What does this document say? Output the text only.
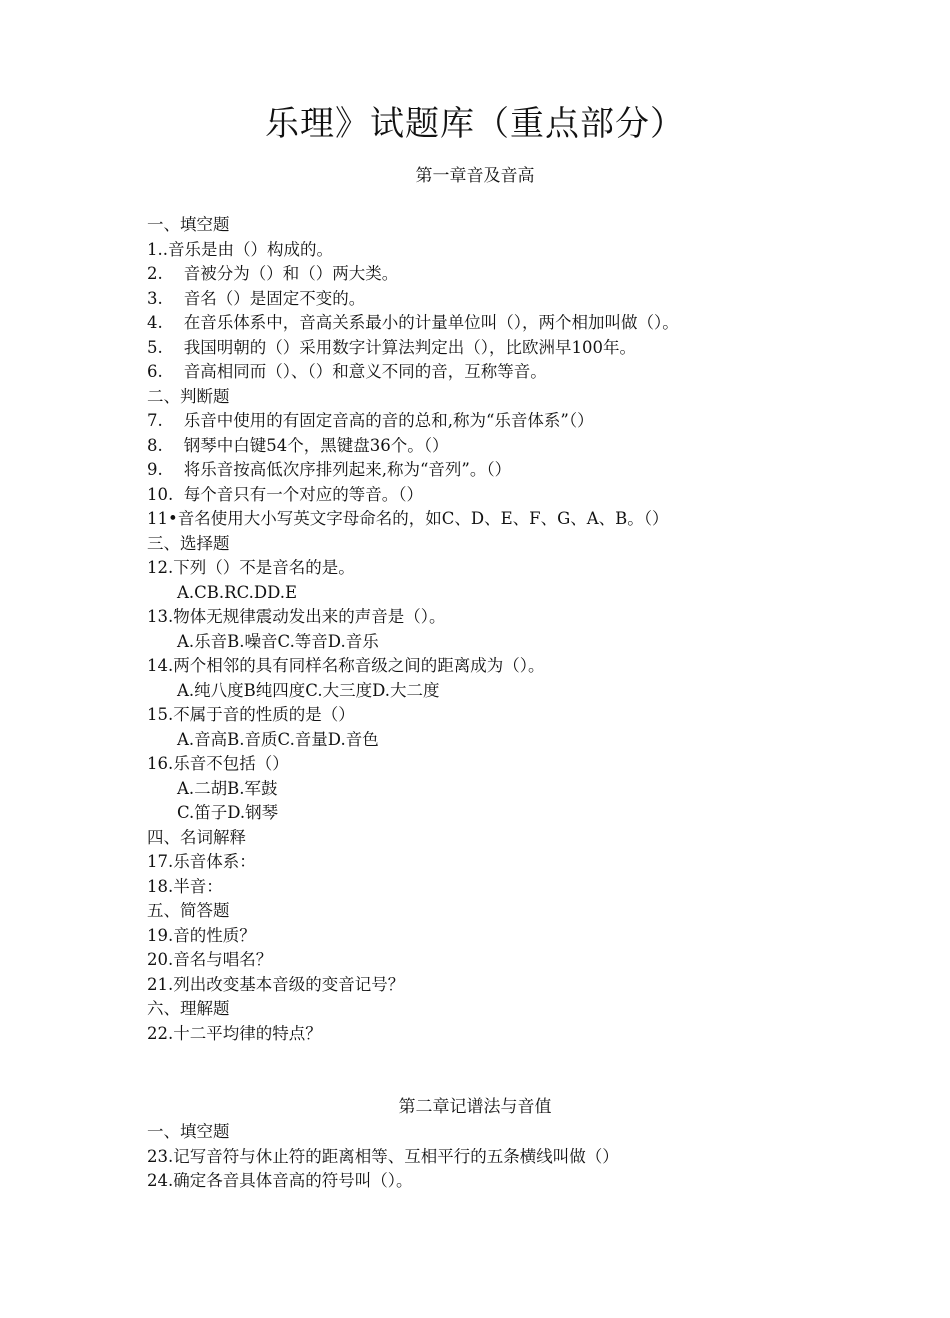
乐理》试题库（重点部分）
第一章音及音高
一、填空题
1..音乐是由（）构成的。
2.    音被分为（）和（）两大类。
3.    音名（）是固定不变的。
4.    在音乐体系中，音高关系最小的计量单位叫（），两个相加叫做（）。
5.    我国明朝的（）采用数字计算法判定出（），比欧洲早100年。
6.    音高相同而（）、（）和意义不同的音，互称等音。
二、判断题
7.    乐音中使用的有固定音高的音的总和,称为“乐音体系”（）
8.    钢琴中白键54个，黑键盘36个。（）
9.    将乐音按高低次序排列起来,称为“音列”。（）
10.  每个音只有一个对应的等音。（）
11•音名使用大小写英文字母命名的，如C、D、E、F、G、A、B。（）
三、选择题
12.下列（）不是音名的是。
A.CB.RC.DD.E
13.物体无规律震动发出来的声音是（）。
A.乐音B.噪音C.等音D.音乐
14.两个相邻的具有同样名称音级之间的距离成为（）。
A.纯八度B纯四度C.大三度D.大二度
15.不属于音的性质的是（）
A.音高B.音质C.音量D.音色
16.乐音不包括（）
A.二胡B.军鼓
C.笛子D.钢琴
四、名词解释
17.乐音体系：
18.半音：
五、简答题
19.音的性质？
20.音名与唱名？
21.列出改变基本音级的变音记号？
六、理解题
22.十二平均律的特点？
第二章记谱法与音值
一、填空题
23.记写音符与休止符的距离相等、互相平行的五条横线叫做（）
24.确定各音具体音高的符号叫（）。
